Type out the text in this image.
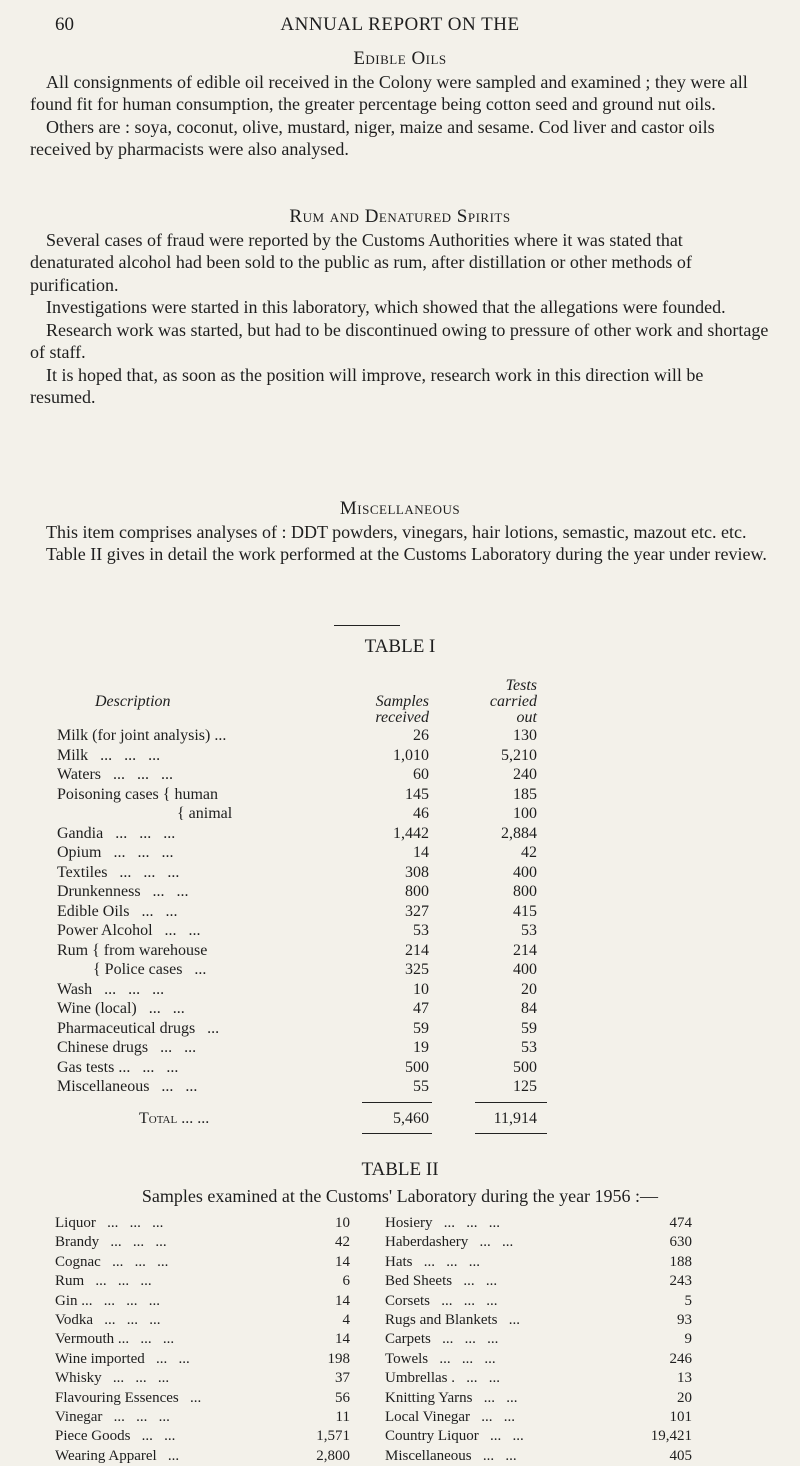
60	ANNUAL REPORT ON THE
Edible Oils

All consignments of edible oil received in the Colony were sampled and examined ; they were all found fit for human consumption, the greater percentage being cotton seed and ground nut oils.

Others are : soya, coconut, olive, mustard, niger, maize and sesame. Cod liver and castor oils received by pharmacists were also analysed.

Rum and Denatured Spirits

Several cases of fraud were reported by the Customs Authorities where it was stated that denaturated alcohol had been sold to the public as rum, after distillation or other methods of purification.

Investigations were started in this laboratory, which showed that the allegations were founded.

Research work was started, but had to be discontinued owing to pressure of other work and shortage of staff.

It is hoped that, as soon as the position will improve, research work in this direction will be resumed.

Miscellaneous

This item comprises analyses of : DDT powders, vinegars, hair lotions, semastic, mazout etc. etc.

Table II gives in detail the work performed at the Customs Laboratory during the year under review.

TABLE I
Description	Samples
received
Tests
carried
out
Milk (for joint analysis) ...	26	130
Milk   ...   ...   ...	1,010	5,210
Waters   ...   ...   ...	60	240
Poisoning cases { human	145	185
{ animal	46	100
Gandia   ...   ...   ...	1,442	2,884
Opium   ...   ...   ...	14	42
Textiles   ...   ...   ...	308	400
Drunkenness   ...   ...	800	800
Edible Oils   ...   ...	327	415
Power Alcohol   ...   ...	53	53
Rum { from warehouse	214	214
{ Police cases   ...	325	400
Wash   ...   ...   ...	10	20
Wine (local)   ...   ...	47	84
Pharmaceutical drugs   ...	59	59
Chinese drugs   ...   ...	19	53
Gas tests ...   ...   ...	500	500
Miscellaneous   ...   ...	55	125
Total ... ...	5,460	11,914
TABLE II
Samples examined at the Customs' Laboratory during the year 1956 :—
Liquor   ...   ...   ...	10 Hosiery   ...   ...   ...	474
Brandy   ...   ...   ...	42 Haberdashery   ...   ...	630
Cognac   ...   ...   ...	14 Hats   ...   ...   ...	188
Rum   ...   ...   ...	6 Bed Sheets   ...   ...	243
Gin ...   ...   ...   ...	14 Corsets   ...   ...   ...	5
Vodka   ...   ...   ...	4 Rugs and Blankets   ...	93
Vermouth ...   ...   ...	14 Carpets   ...   ...   ...	9
Wine imported   ...   ...	198 Towels   ...   ...   ...	246
Whisky   ...   ...   ...	37 Umbrellas .   ...   ...	13
Flavouring Essences   ...	56 Knitting Yarns   ...   ...	20
Vinegar   ...   ...   ...	11 Local Vinegar   ...   ...	101
Piece Goods   ...   ...	1,571 Country Liquor   ...   ...	19,421
Wearing Apparel   ...	2,800 Miscellaneous   ...   ...	405
